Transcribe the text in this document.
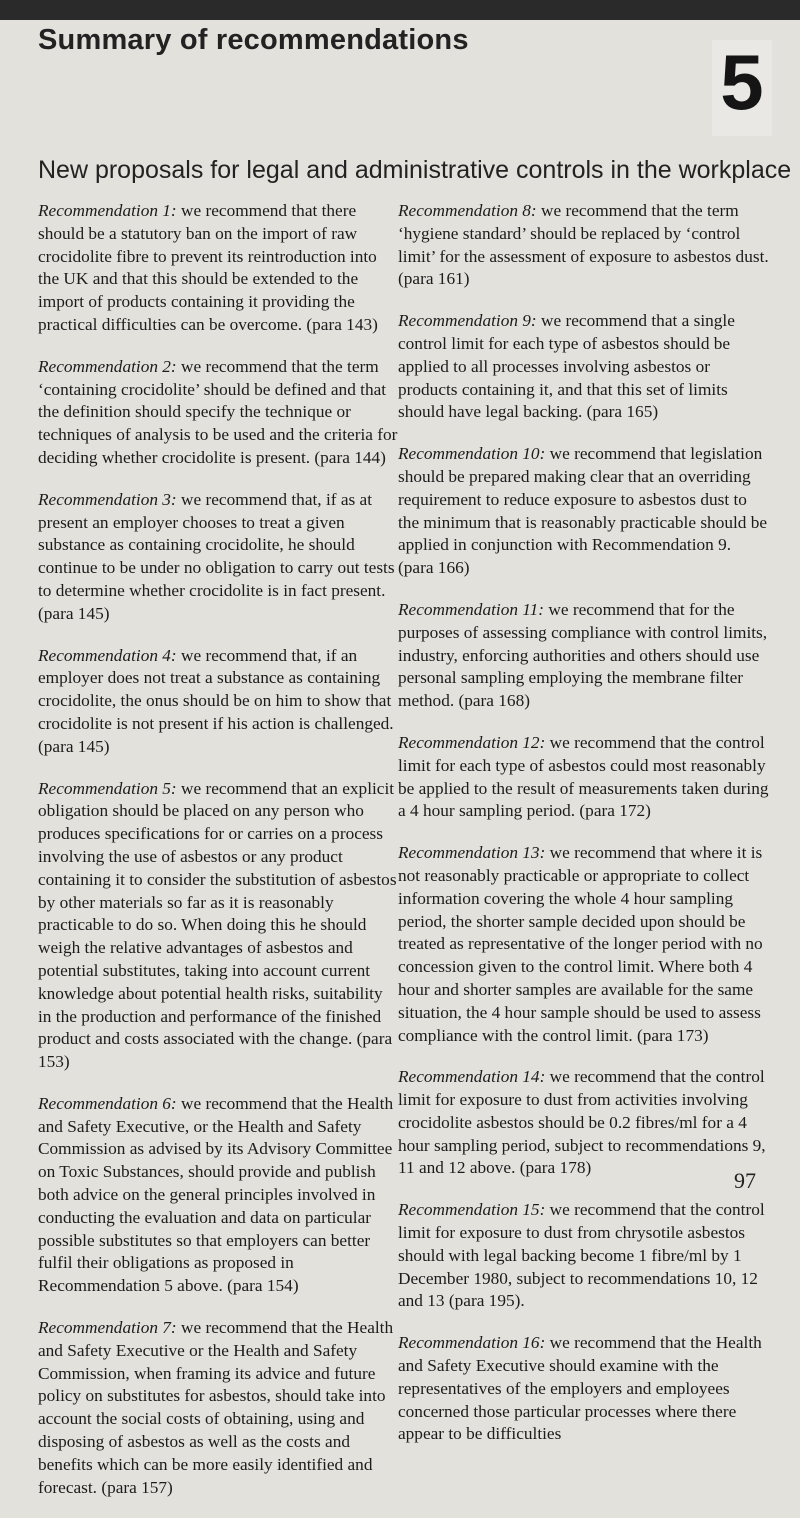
Summary of recommendations	5
New proposals for legal and administrative controls in the workplace

Recommendation 1: we recommend that there should be a statutory ban on the import of raw crocidolite fibre to prevent its reintroduction into the UK and that this should be extended to the import of products containing it providing the practical difficulties can be overcome. (para 143)

Recommendation 2: we recommend that the term ‘containing crocidolite’ should be defined and that the definition should specify the technique or techniques of analysis to be used and the criteria for deciding whether crocidolite is present. (para 144)

Recommendation 3: we recommend that, if as at present an employer chooses to treat a given substance as containing crocidolite, he should continue to be under no obligation to carry out tests to determine whether crocidolite is in fact present. (para 145)

Recommendation 4: we recommend that, if an employer does not treat a substance as containing crocidolite, the onus should be on him to show that crocidolite is not present if his action is challenged. (para 145)

Recommendation 5: we recommend that an explicit obligation should be placed on any person who produces specifications for or carries on a process involving the use of asbestos or any product containing it to consider the substitution of asbestos by other materials so far as it is reasonably practicable to do so. When doing this he should weigh the relative advantages of asbestos and potential substitutes, taking into account current knowledge about potential health risks, suitability in the production and performance of the finished product and costs associated with the change. (para 153)

Recommendation 6: we recommend that the Health and Safety Executive, or the Health and Safety Commission as advised by its Advisory Committee on Toxic Substances, should provide and publish both advice on the general principles involved in conducting the evaluation and data on particular possible substitutes so that employers can better fulfil their obligations as proposed in Recommendation 5 above. (para 154)

Recommendation 7: we recommend that the Health and Safety Executive or the Health and Safety Commission, when framing its advice and future policy on substitutes for asbestos, should take into account the social costs of obtaining, using and disposing of asbestos as well as the costs and benefits which can be more easily identified and forecast. (para 157)

Recommendation 8: we recommend that the term ‘hygiene standard’ should be replaced by ‘control limit’ for the assessment of exposure to asbestos dust. (para 161)

Recommendation 9: we recommend that a single control limit for each type of asbestos should be applied to all processes involving asbestos or products containing it, and that this set of limits should have legal backing. (para 165)

Recommendation 10: we recommend that legislation should be prepared making clear that an overriding requirement to reduce exposure to asbestos dust to the minimum that is reasonably practicable should be applied in conjunction with Recommendation 9. (para 166)

Recommendation 11: we recommend that for the purposes of assessing compliance with control limits, industry, enforcing authorities and others should use personal sampling employing the membrane filter method. (para 168)

Recommendation 12: we recommend that the control limit for each type of asbestos could most reasonably be applied to the result of measurements taken during a 4 hour sampling period. (para 172)

Recommendation 13: we recommend that where it is not reasonably practicable or appropriate to collect information covering the whole 4 hour sampling period, the shorter sample decided upon should be treated as representative of the longer period with no concession given to the control limit. Where both 4 hour and shorter samples are available for the same situation, the 4 hour sample should be used to assess compliance with the control limit. (para 173)

Recommendation 14: we recommend that the control limit for exposure to dust from activities involving crocidolite asbestos should be 0.2 fibres/ml for a 4 hour sampling period, subject to recommendations 9, 11 and 12 above. (para 178)

Recommendation 15: we recommend that the control limit for exposure to dust from chrysotile asbestos should with legal backing become 1 fibre/ml by 1 December 1980, subject to recommendations 10, 12 and 13 (para 195).

Recommendation 16: we recommend that the Health and Safety Executive should examine with the representatives of the employers and employees concerned those particular processes where there appear to be difficulties

97
